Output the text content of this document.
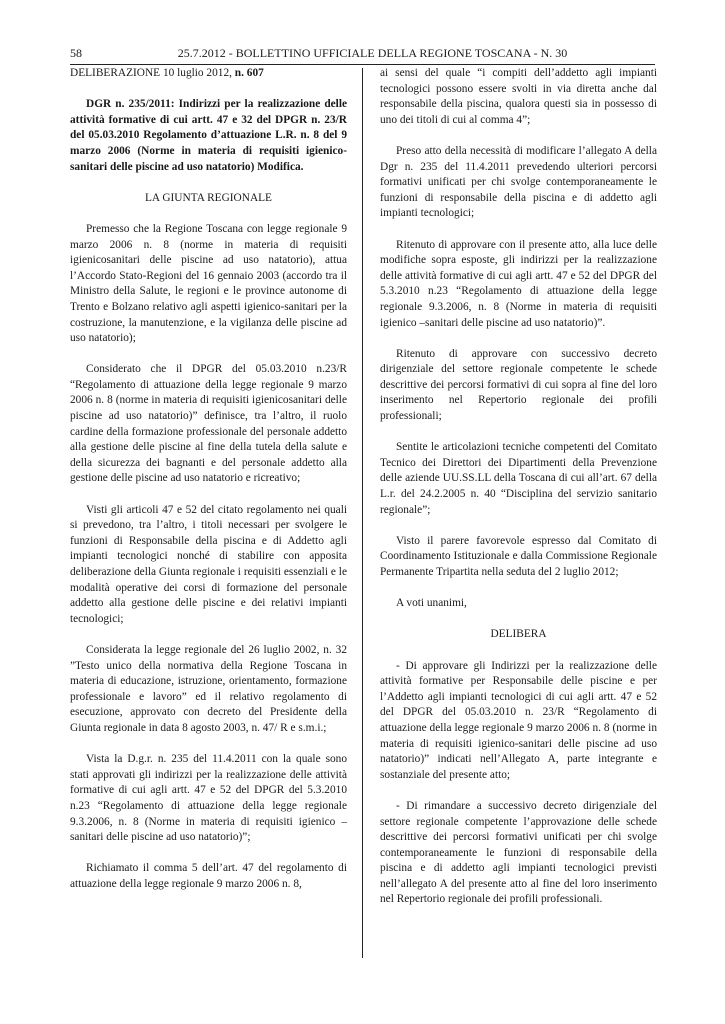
58	25.7.2012 - BOLLETTINO UFFICIALE DELLA REGIONE TOSCANA - N. 30

DELIBERAZIONE 10 luglio 2012, n. 607

DGR n. 235/2011: Indirizzi per la realizzazione delle attività formative di cui artt. 47 e 32 del DPGR n. 23/R del 05.03.2010 Regolamento d’attuazione L.R. n. 8 del 9 marzo 2006 (Norme in materia di requisiti igienico-sanitari delle piscine ad uso natatorio) Modifica.

LA GIUNTA REGIONALE

Premesso che la Regione Toscana con legge regionale 9 marzo 2006 n. 8 (norme in materia di requisiti igienicosanitari delle piscine ad uso natatorio), attua l’Accordo Stato-Regioni del 16 gennaio 2003 (accordo tra il Ministro della Salute, le regioni e le province autonome di Trento e Bolzano relativo agli aspetti igienico-sanitari per la costruzione, la manutenzione, e la vigilanza delle piscine ad uso natatorio);

Considerato che il DPGR del 05.03.2010 n.23/R “Regolamento di attuazione della legge regionale 9 marzo 2006 n. 8 (norme in materia di requisiti igienicosanitari delle piscine ad uso natatorio)” definisce, tra l’altro, il ruolo cardine della formazione professionale del personale addetto alla gestione delle piscine al fine della tutela della salute e della sicurezza dei bagnanti e del personale addetto alla gestione delle piscine ad uso natatorio e ricreativo;

Visti gli articoli 47 e 52 del citato regolamento nei quali si prevedono, tra l’altro, i titoli necessari per svolgere le funzioni di Responsabile della piscina e di Addetto agli impianti tecnologici nonché di stabilire con apposita deliberazione della Giunta regionale i requisiti essenziali e le modalità operative dei corsi di formazione del personale addetto alla gestione delle piscine e dei relativi impianti tecnologici;

Considerata la legge regionale del 26 luglio 2002, n. 32 ”Testo unico della normativa della Regione Toscana in materia di educazione, istruzione, orientamento, formazione professionale e lavoro” ed il relativo regolamento di esecuzione, approvato con decreto del Presidente della Giunta regionale in data 8 agosto 2003, n. 47/ R e s.m.i.;

Vista la D.g.r. n. 235 del 11.4.2011 con la quale sono stati approvati gli indirizzi per la realizzazione delle attività formative di cui agli artt. 47 e 52 del DPGR del 5.3.2010 n.23 “Regolamento di attuazione della legge regionale 9.3.2006, n. 8 (Norme in materia di requisiti igienico –sanitari delle piscine ad uso natatorio)”;

Richiamato il comma 5 dell’art. 47 del regolamento di attuazione della legge regionale 9 marzo 2006 n. 8,

ai sensi del quale “i compiti dell’addetto agli impianti tecnologici possono essere svolti in via diretta anche dal responsabile della piscina, qualora questi sia in possesso di uno dei titoli di cui al comma 4”;

Preso atto della necessità di modificare l’allegato A della Dgr n. 235 del 11.4.2011 prevedendo ulteriori percorsi formativi unificati per chi svolge contemporaneamente le funzioni di responsabile della piscina e di addetto agli impianti tecnologici;

Ritenuto di approvare con il presente atto, alla luce delle modifiche sopra esposte, gli indirizzi per la realizzazione delle attività formative di cui agli artt. 47 e 52 del DPGR del 5.3.2010 n.23 “Regolamento di attuazione della legge regionale 9.3.2006, n. 8 (Norme in materia di requisiti igienico –sanitari delle piscine ad uso natatorio)”.

Ritenuto di approvare con successivo decreto dirigenziale del settore regionale competente le schede descrittive dei percorsi formativi di cui sopra al fine del loro inserimento nel Repertorio regionale dei profili professionali;

Sentite le articolazioni tecniche competenti del Comitato Tecnico dei Direttori dei Dipartimenti della Prevenzione delle aziende UU.SS.LL della Toscana di cui all’art. 67 della L.r. del 24.2.2005 n. 40 “Disciplina del servizio sanitario regionale”;

Visto il parere favorevole espresso dal Comitato di Coordinamento Istituzionale e dalla Commissione Regionale Permanente Tripartita nella seduta del 2 luglio 2012;

A voti unanimi,

DELIBERA

- Di approvare gli Indirizzi per la realizzazione delle attività formative per Responsabile delle piscine e per l’Addetto agli impianti tecnologici di cui agli artt. 47 e 52 del DPGR del 05.03.2010 n. 23/R “Regolamento di attuazione della legge regionale 9 marzo 2006 n. 8 (norme in materia di requisiti igienico-sanitari delle piscine ad uso natatorio)” indicati nell’Allegato A, parte integrante e sostanziale del presente atto;

- Di rimandare a successivo decreto dirigenziale del settore regionale competente l’approvazione delle schede descrittive dei percorsi formativi unificati per chi svolge contemporaneamente le funzioni di responsabile della piscina e di addetto agli impianti tecnologici previsti nell’allegato A del presente atto al fine del loro inserimento nel Repertorio regionale dei profili professionali.
